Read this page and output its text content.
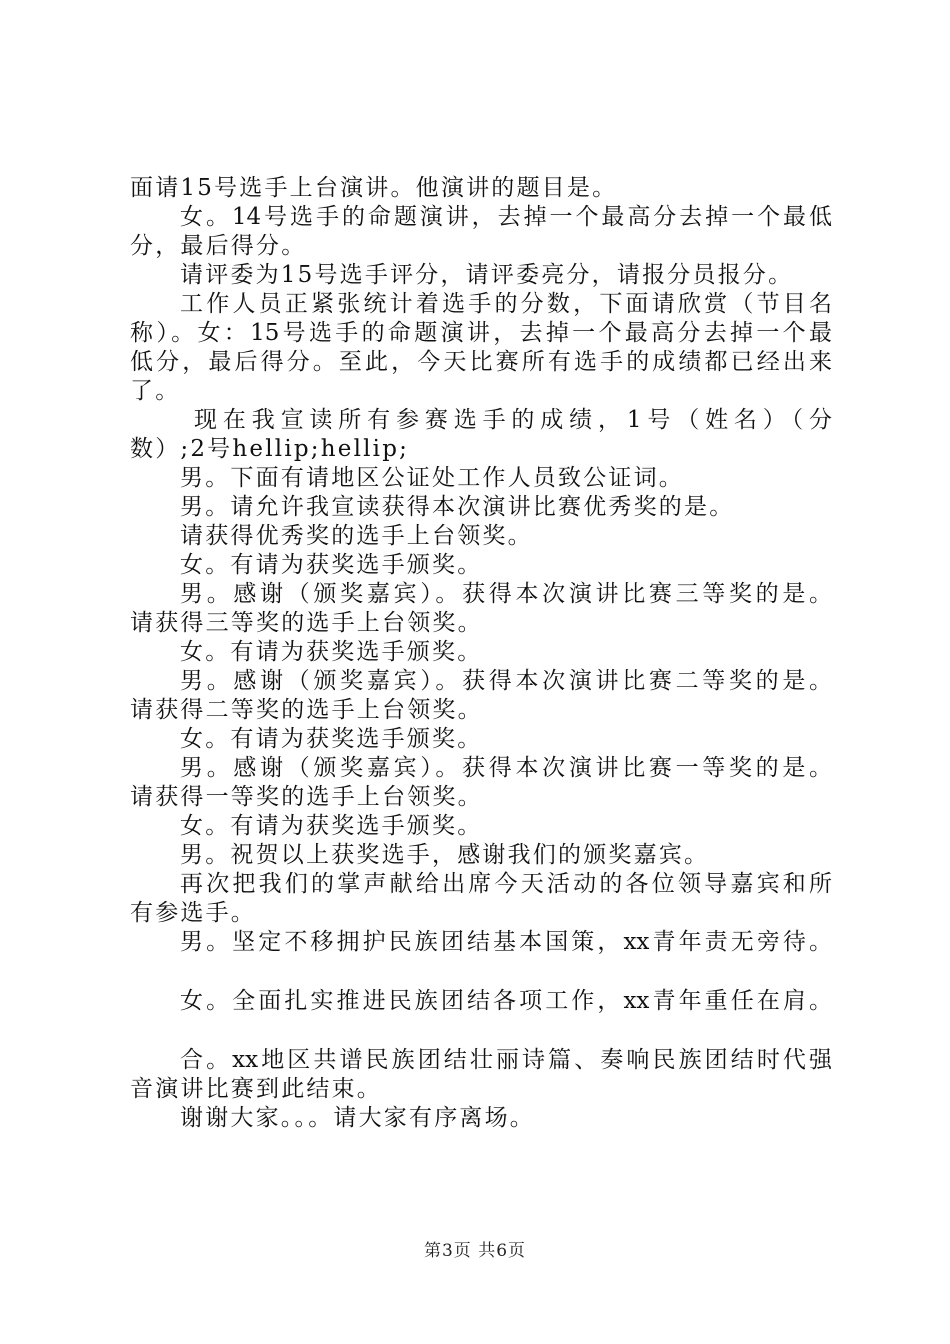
面请15号选手上台演讲。他演讲的题目是。
女。14号选手的命题演讲，去掉一个最高分去掉一个最低
分，最后得分。
请评委为15号选手评分，请评委亮分，请报分员报分。
工作人员正紧张统计着选手的分数，下面请欣赏（节目名
称）。女：15号选手的命题演讲，去掉一个最高分去掉一个最
低分，最后得分。至此，今天比赛所有选手的成绩都已经出来
了。
现在我宣读所有参赛选手的成绩，1号（姓名）（分
数）;2号hellip;hellip;
男。下面有请地区公证处工作人员致公证词。
男。请允许我宣读获得本次演讲比赛优秀奖的是。
请获得优秀奖的选手上台领奖。
女。有请为获奖选手颁奖。
男。感谢（颁奖嘉宾）。获得本次演讲比赛三等奖的是。
请获得三等奖的选手上台领奖。
女。有请为获奖选手颁奖。
男。感谢（颁奖嘉宾）。获得本次演讲比赛二等奖的是。
请获得二等奖的选手上台领奖。
女。有请为获奖选手颁奖。
男。感谢（颁奖嘉宾）。获得本次演讲比赛一等奖的是。
请获得一等奖的选手上台领奖。
女。有请为获奖选手颁奖。
男。祝贺以上获奖选手，感谢我们的颁奖嘉宾。
再次把我们的掌声献给出席今天活动的各位领导嘉宾和所
有参选手。
男。坚定不移拥护民族团结基本国策，xx青年责无旁待。
女。全面扎实推进民族团结各项工作，xx青年重任在肩。
合。xx地区共谱民族团结壮丽诗篇、奏响民族团结时代强
音演讲比赛到此结束。
谢谢大家。。。请大家有序离场。
第3页 共6页
